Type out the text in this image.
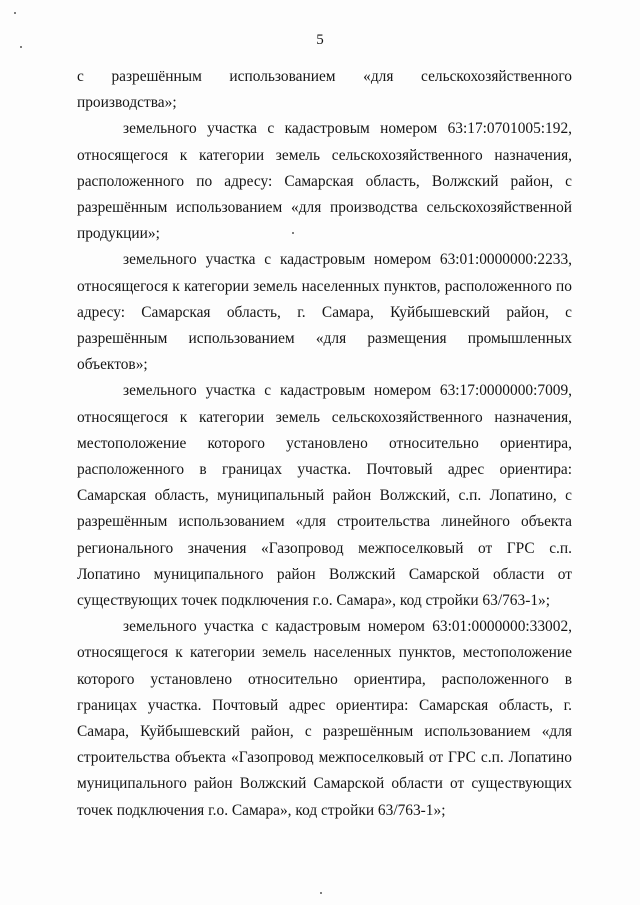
5

с разрешённым использованием «для сельскохозяйственного производства»;

земельного участка с кадастровым номером 63:17:0701005:192, относящегося к категории земель сельскохозяйственного назначения, расположенного по адресу: Самарская область, Волжский район, с разрешённым использованием «для производства сельскохозяйственной продукции»;

земельного участка с кадастровым номером 63:01:0000000:2233, относящегося к категории земель населенных пунктов, расположенного по адресу: Самарская область, г. Самара, Куйбышевский район, с разрешённым использованием «для размещения промышленных объектов»;

земельного участка с кадастровым номером 63:17:0000000:7009, относящегося к категории земель сельскохозяйственного назначения, местоположение которого установлено относительно ориентира, расположенного в границах участка. Почтовый адрес ориентира: Самарская область, муниципальный район Волжский, с.п. Лопатино, с разрешённым использованием «для строительства линейного объекта регионального значения «Газопровод межпоселковый от ГРС с.п. Лопатино муниципального район Волжский Самарской области от существующих точек подключения г.о. Самара», код стройки 63/763-1»;

земельного участка с кадастровым номером 63:01:0000000:33002, относящегося к категории земель населенных пунктов, местоположение которого установлено относительно ориентира, расположенного в границах участка. Почтовый адрес ориентира: Самарская область, г. Самара, Куйбышевский район, с разрешённым использованием «для строительства объекта «Газопровод межпоселковый от ГРС с.п. Лопатино муниципального район Волжский Самарской области от существующих точек подключения г.о. Самара», код стройки 63/763-1»;
